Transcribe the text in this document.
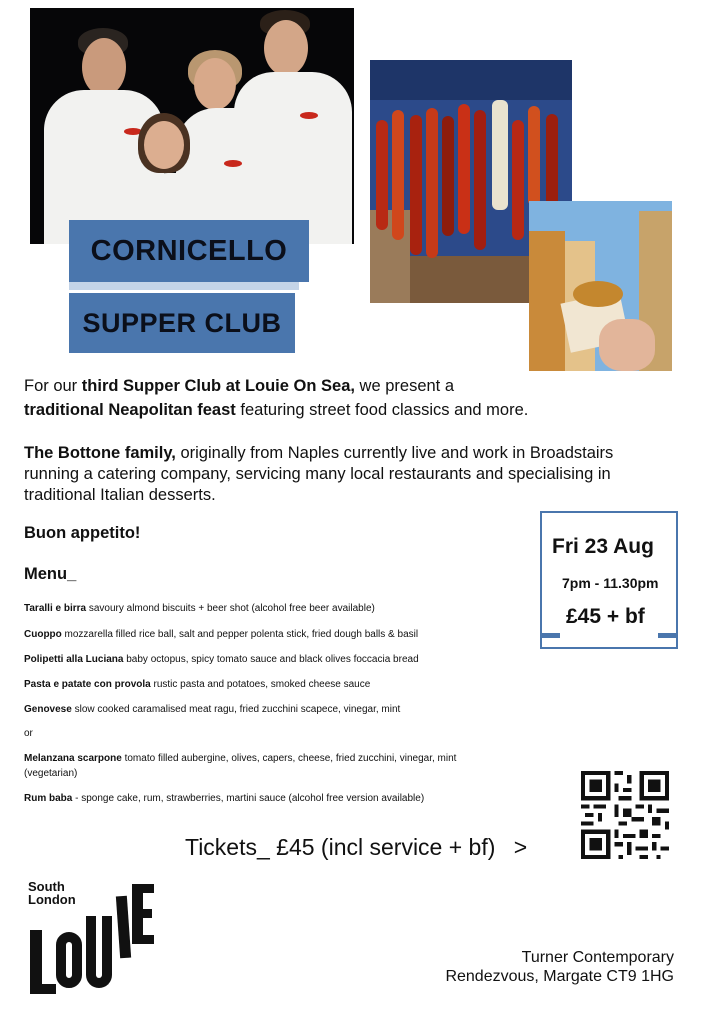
CORNICELLO
SUPPER CLUB
For our third Supper Club at Louie On Sea, we present a
traditional Neapolitan feast featuring street food classics and more.
The Bottone family, originally from Naples currently live and work in Broadstairs
running a catering company, servicing many local restaurants and specialising in
traditional Italian desserts.
Buon appetito!
Menu_
Taralli e birra savoury almond biscuits + beer shot (alcohol free beer available)
Cuoppo mozzarella filled rice ball, salt and pepper polenta stick, fried dough balls & basil
Polipetti alla Luciana baby octopus, spicy tomato sauce and black olives foccacia bread
Pasta e patate con provola rustic pasta and potatoes, smoked cheese sauce
Genovese slow cooked caramalised meat ragu, fried zucchini scapece, vinegar, mint
or
Melanzana scarpone tomato filled aubergine, olives, capers, cheese, fried zucchini, vinegar, mint
(vegetarian)
Rum baba - sponge cake, rum, strawberries, martini sauce (alcohol free version available)
Fri 23 Aug
7pm - 11.30pm
£45 + bf
Tickets_ £45 (incl service + bf) >
South
London
Turner Contemporary
Rendezvous, Margate CT9 1HG
